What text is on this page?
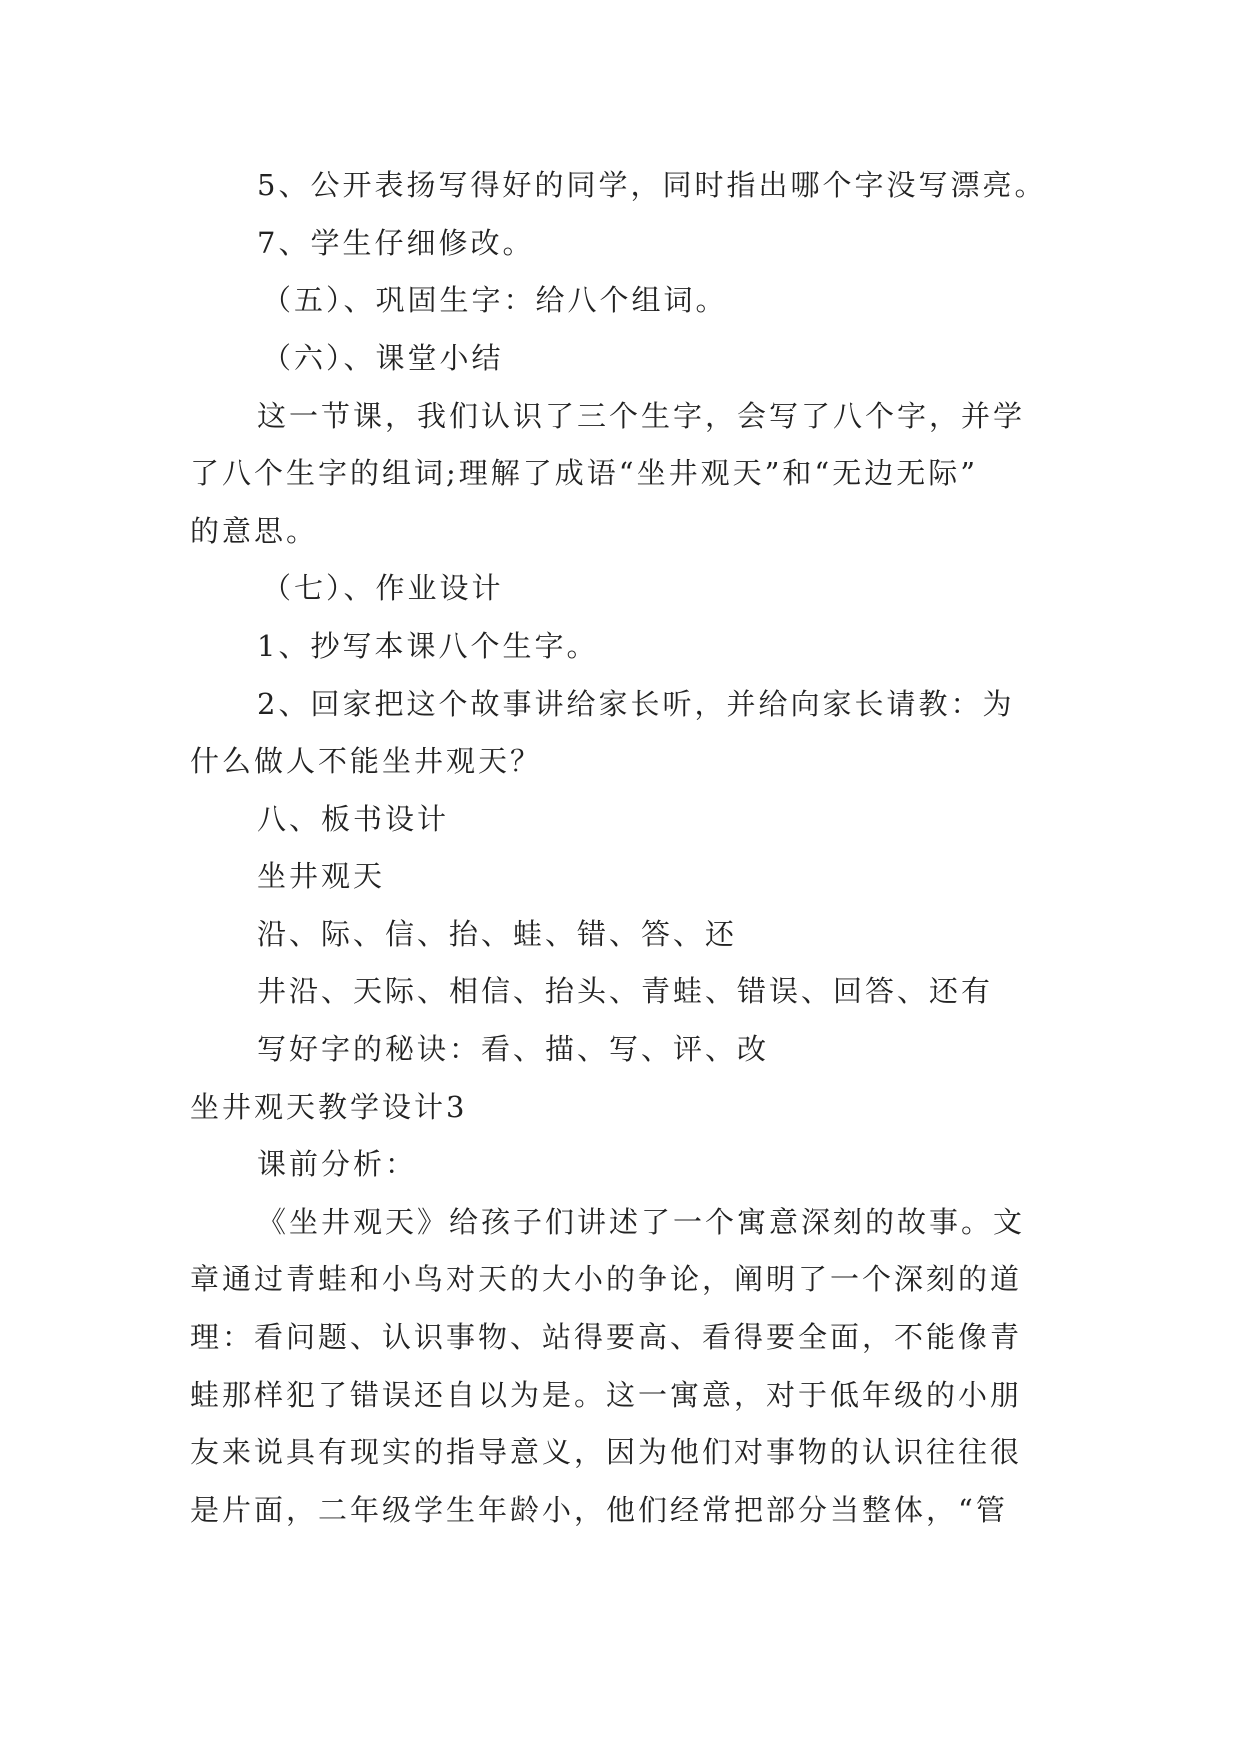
5、公开表扬写得好的同学，同时指出哪个字没写漂亮。
7、学生仔细修改。
（五）、巩固生字：给八个组词。
（六）、课堂小结
这一节课，我们认识了三个生字，会写了八个字，并学
了八个生字的组词;理解了成语“坐井观天”和“无边无际”
的意思。
（七）、作业设计
1、抄写本课八个生字。
2、回家把这个故事讲给家长听，并给向家长请教：为
什么做人不能坐井观天？
八、板书设计
坐井观天
沿、际、信、抬、蛙、错、答、还
井沿、天际、相信、抬头、青蛙、错误、回答、还有
写好字的秘诀：看、描、写、评、改
坐井观天教学设计3
课前分析：
《坐井观天》给孩子们讲述了一个寓意深刻的故事。文
章通过青蛙和小鸟对天的大小的争论，阐明了一个深刻的道
理：看问题、认识事物、站得要高、看得要全面，不能像青
蛙那样犯了错误还自以为是。这一寓意，对于低年级的小朋
友来说具有现实的指导意义，因为他们对事物的认识往往很
是片面，二年级学生年龄小，他们经常把部分当整体，“管
